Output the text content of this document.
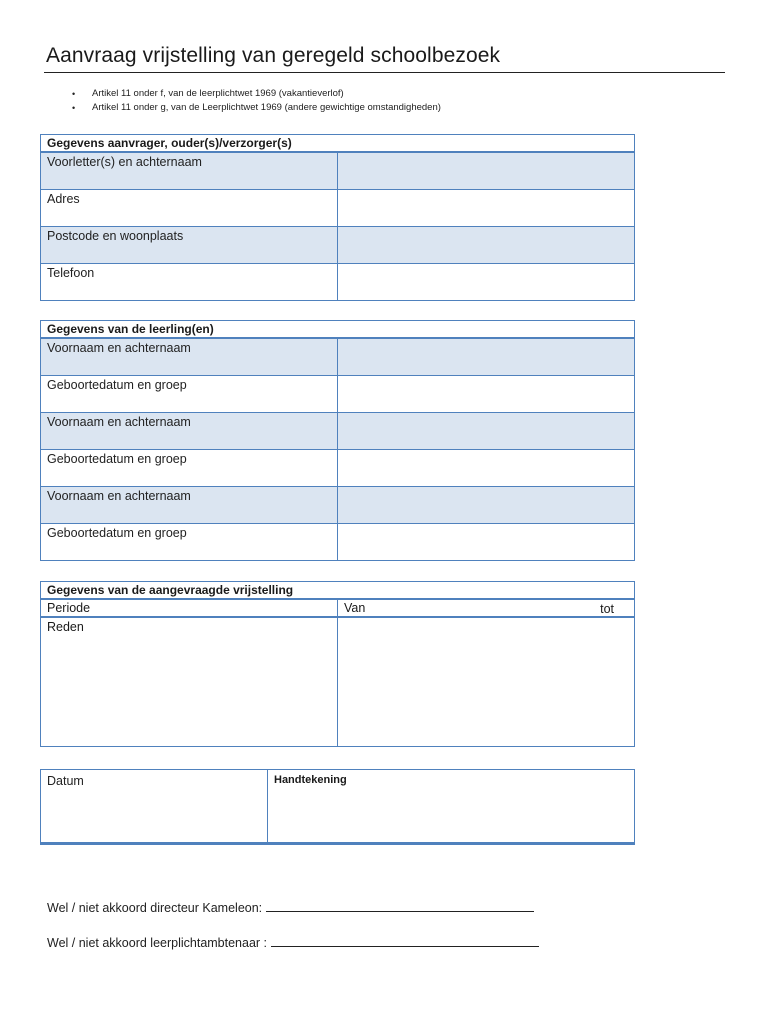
Aanvraag vrijstelling van geregeld schoolbezoek
• Artikel 11 onder f, van de leerplichtwet 1969 (vakantieverlof)
• Artikel 11 onder g, van de Leerplichtwet 1969 (andere gewichtige omstandigheden)
Gegevens aanvrager, ouder(s)/verzorger(s)	
Voorletter(s) en achternaam	
Adres	
Postcode en woonplaats	
Telefoon	
Gegevens van de leerling(en)	
Voornaam en achternaam	
Geboortedatum en groep	
Voornaam en achternaam	
Geboortedatum en groep	
Voornaam en achternaam	
Geboortedatum en groep	
Gegevens van de aangevraagde vrijstelling	
Periode	Van tot

Reden	
Datum	Handtekening
Wel / niet akkoord directeur Kameleon:
Wel / niet akkoord leerplichtambtenaar :
